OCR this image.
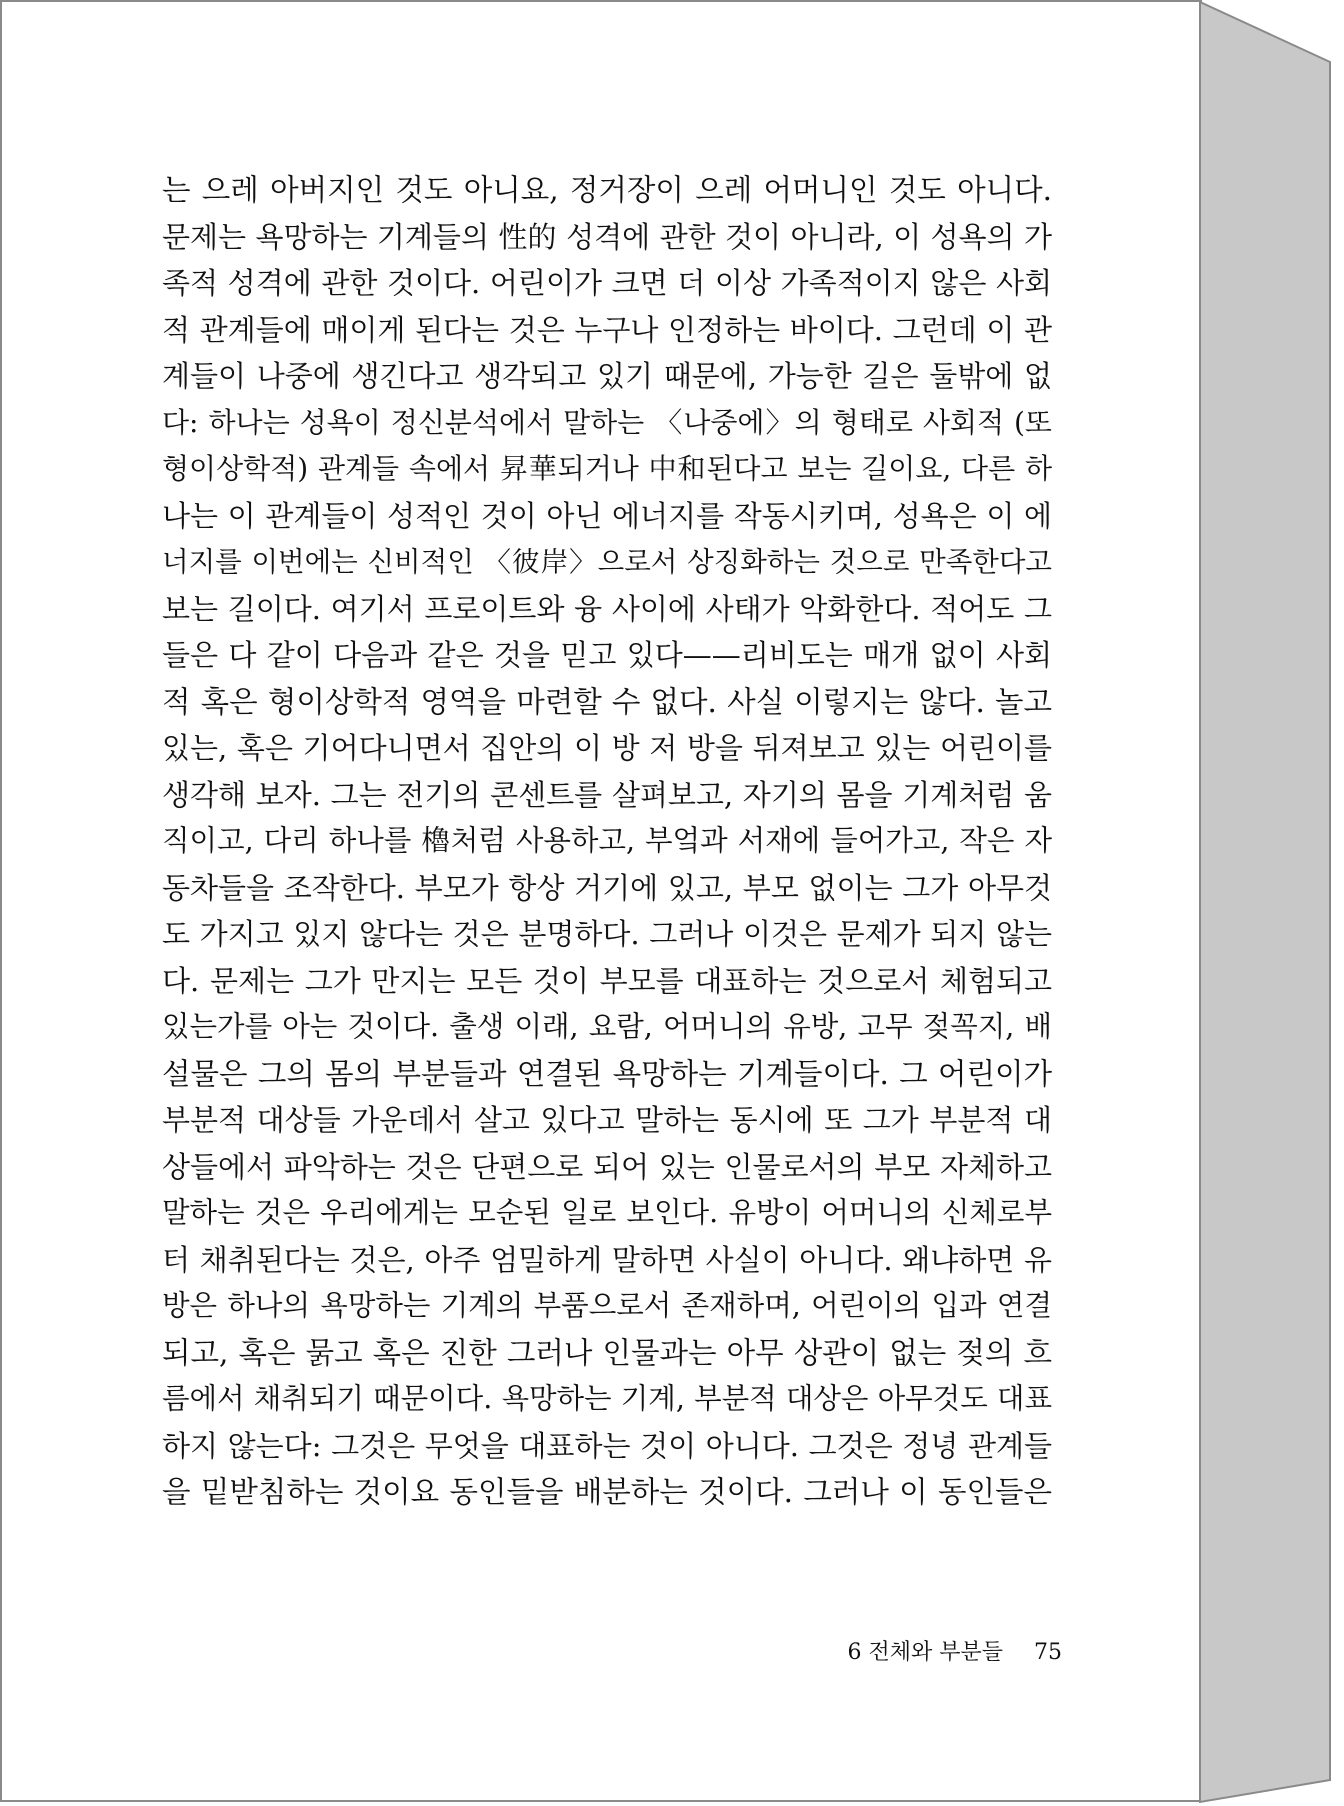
는 으레 아버지인 것도 아니요, 정거장이 으레 어머니인 것도 아니다.
문제는 욕망하는 기계들의 性的 성격에 관한 것이 아니라, 이 성욕의 가
족적 성격에 관한 것이다. 어린이가 크면 더 이상 가족적이지 않은 사회
적 관계들에 매이게 된다는 것은 누구나 인정하는 바이다. 그런데 이 관
계들이 나중에 생긴다고 생각되고 있기 때문에, 가능한 길은 둘밖에 없
다: 하나는 성욕이 정신분석에서 말하는 〈나중에〉의 형태로 사회적 (또
형이상학적) 관계들 속에서 昇華되거나 中和된다고 보는 길이요, 다른 하
나는 이 관계들이 성적인 것이 아닌 에너지를 작동시키며, 성욕은 이 에
너지를 이번에는 신비적인 〈彼岸〉으로서 상징화하는 것으로 만족한다고
보는 길이다. 여기서 프로이트와 융 사이에 사태가 악화한다. 적어도 그
들은 다 같이 다음과 같은 것을 믿고 있다——리비도는 매개 없이 사회
적 혹은 형이상학적 영역을 마련할 수 없다. 사실 이렇지는 않다. 놀고
있는, 혹은 기어다니면서 집안의 이 방 저 방을 뒤져보고 있는 어린이를
생각해 보자. 그는 전기의 콘센트를 살펴보고, 자기의 몸을 기계처럼 움
직이고, 다리 하나를 櫓처럼 사용하고, 부엌과 서재에 들어가고, 작은 자
동차들을 조작한다. 부모가 항상 거기에 있고, 부모 없이는 그가 아무것
도 가지고 있지 않다는 것은 분명하다. 그러나 이것은 문제가 되지 않는
다. 문제는 그가 만지는 모든 것이 부모를 대표하는 것으로서 체험되고
있는가를 아는 것이다. 출생 이래, 요람, 어머니의 유방, 고무 젖꼭지, 배
설물은 그의 몸의 부분들과 연결된 욕망하는 기계들이다. 그 어린이가
부분적 대상들 가운데서 살고 있다고 말하는 동시에 또 그가 부분적 대
상들에서 파악하는 것은 단편으로 되어 있는 인물로서의 부모 자체하고
말하는 것은 우리에게는 모순된 일로 보인다. 유방이 어머니의 신체로부
터 채취된다는 것은, 아주 엄밀하게 말하면 사실이 아니다. 왜냐하면 유
방은 하나의 욕망하는 기계의 부품으로서 존재하며, 어린이의 입과 연결
되고, 혹은 묽고 혹은 진한 그러나 인물과는 아무 상관이 없는 젖의 흐
름에서 채취되기 때문이다. 욕망하는 기계, 부분적 대상은 아무것도 대표
하지 않는다: 그것은 무엇을 대표하는 것이 아니다. 그것은 정녕 관계들
을 밑받침하는 것이요 동인들을 배분하는 것이다. 그러나 이 동인들은
6 전체와 부분들 75
